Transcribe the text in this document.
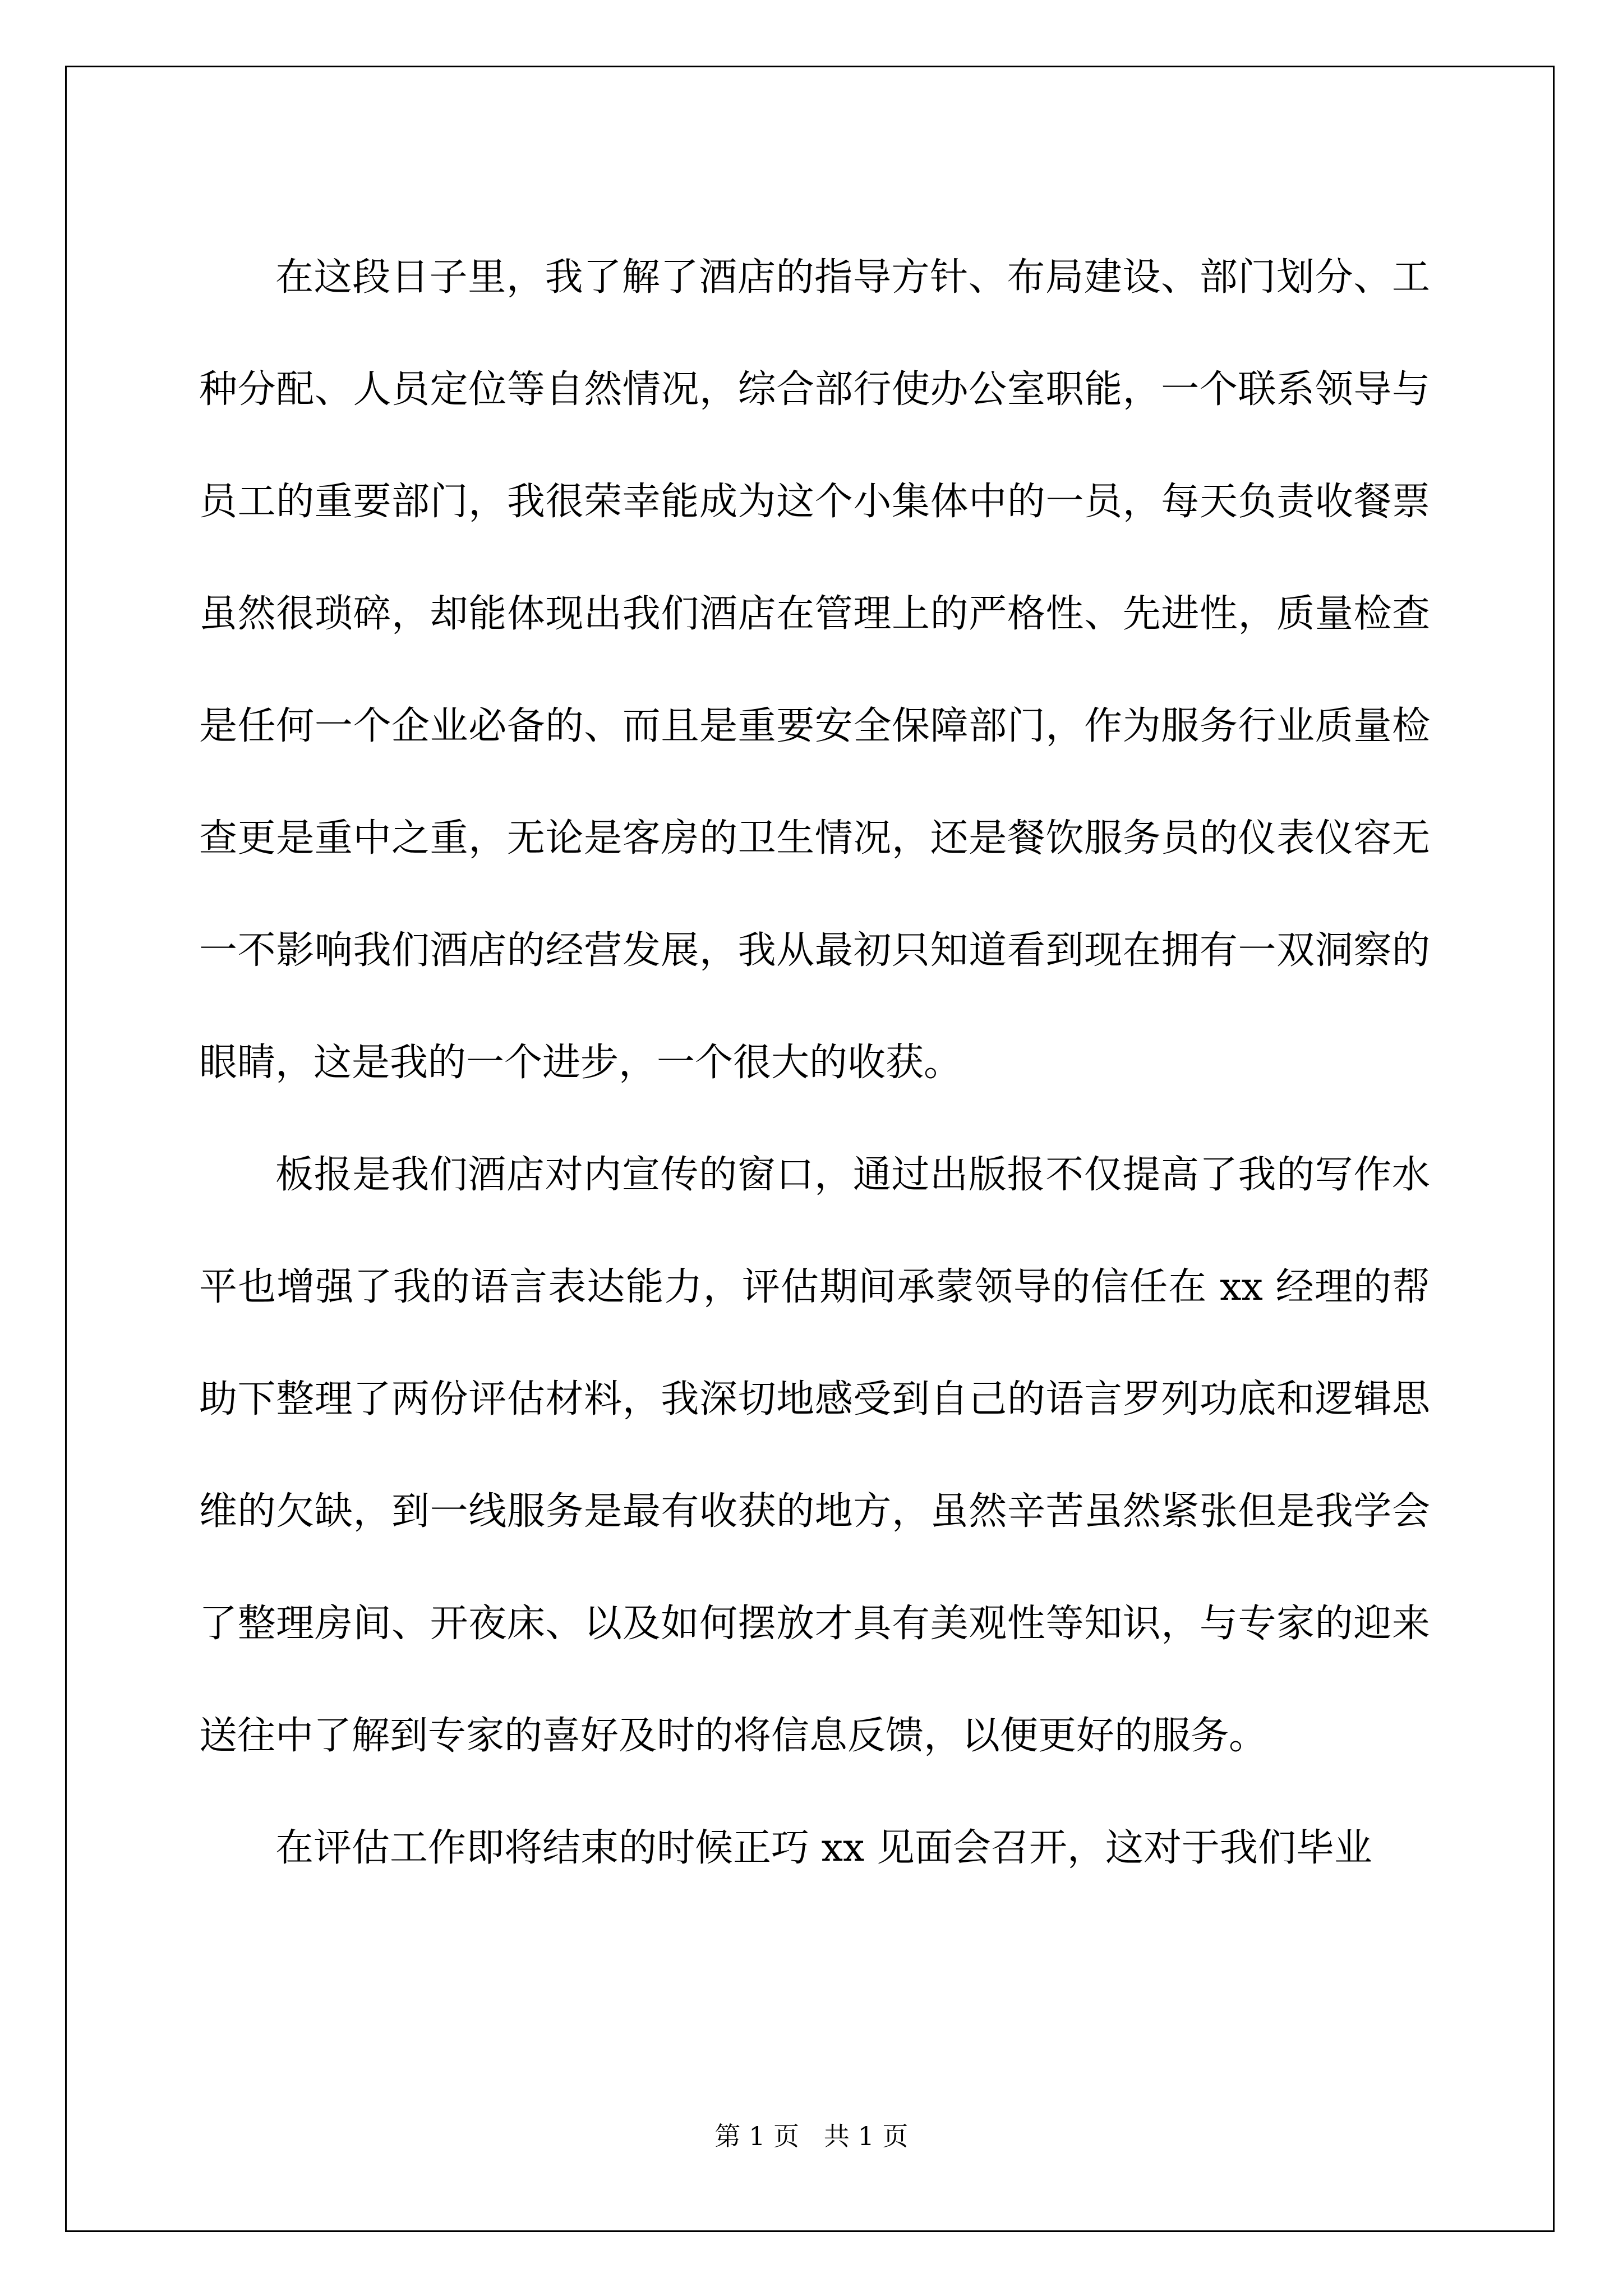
在这段日子里，我了解了酒店的指导方针、布局建设、部门划分、工种分配、人员定位等自然情况，综合部行使办公室职能，一个联系领导与员工的重要部门，我很荣幸能成为这个小集体中的一员，每天负责收餐票虽然很琐碎，却能体现出我们酒店在管理上的严格性、先进性，质量检查是任何一个企业必备的、而且是重要安全保障部门，作为服务行业质量检查更是重中之重，无论是客房的卫生情况，还是餐饮服务员的仪表仪容无一不影响我们酒店的经营发展，我从最初只知道看到现在拥有一双洞察的眼睛，这是我的一个进步，一个很大的收获。

板报是我们酒店对内宣传的窗口，通过出版报不仅提高了我的写作水平也增强了我的语言表达能力，评估期间承蒙领导的信任在 xx 经理的帮助下整理了两份评估材料，我深切地感受到自己的语言罗列功底和逻辑思维的欠缺，到一线服务是最有收获的地方，虽然辛苦虽然紧张但是我学会了整理房间、开夜床、以及如何摆放才具有美观性等知识，与专家的迎来送往中了解到专家的喜好及时的将信息反馈，以便更好的服务。

在评估工作即将结束的时候正巧 xx 见面会召开，这对于我们毕业

第 1 页   共 1 页
